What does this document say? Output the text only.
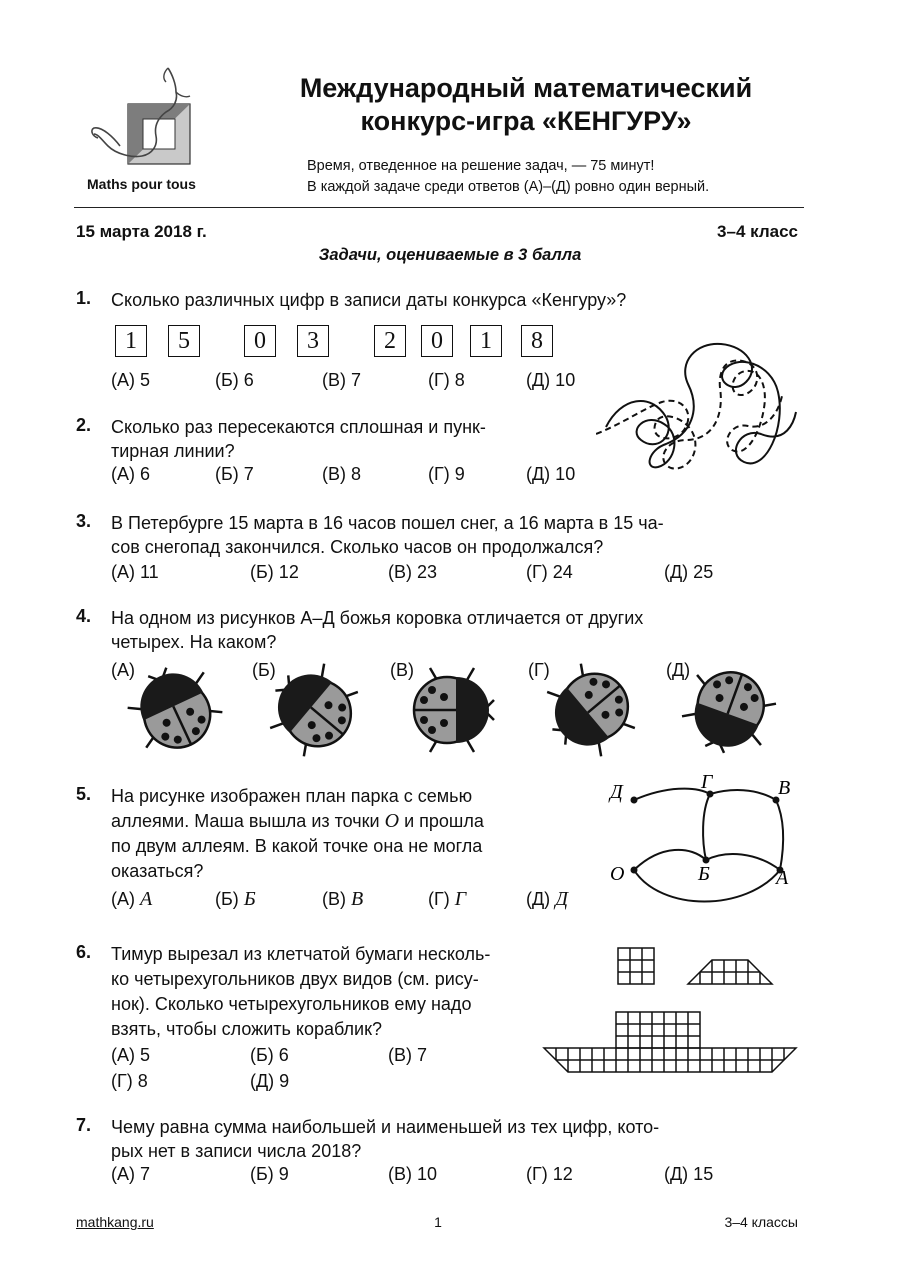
Maths pour tous
Международный математический
конкурс-игра «КЕНГУРУ»
Время, отведенное на решение задач, — 75 минут!
В каждой задаче среди ответов (А)–(Д) ровно один верный.
15 марта 2018 г.	3–4 класс
Задачи, оцениваемые в 3 балла
1. Сколько различных цифр в записи даты конкурса «Кенгуру»?
1	5	0	3	2	0	1	8
(А) 5	(Б) 6	(В) 7	(Г) 8	(Д) 10
2. Сколько раз пересекаются сплошная и пунк-
тирная линии?
(А) 6	(Б) 7	(В) 8	(Г) 9	(Д) 10
3. В Петербурге 15 марта в 16 часов пошел снег, а 16 марта в 15 ча-
сов снегопад закончился. Сколько часов он продолжался?
(А) 11	(Б) 12	(В) 23	(Г) 24	(Д) 25
4. На одном из рисунков А–Д божья коровка отличается от других
четырех. На каком?
(А)	(Б)	(В)	(Г)	(Д)
5. На рисунке изображен план парка с семью
аллеями. Маша вышла из точки О и прошла
по двум аллеям. В какой точке она не могла
оказаться?
(А) А	(Б) Б	(В) В	(Г) Г	(Д) Д
Д	Г	В
О	Б	А
6. Тимур вырезал из клетчатой бумаги несколь-
ко четырехугольников двух видов (см. рису-
нок). Сколько четырехугольников ему надо
взять, чтобы сложить кораблик?
(А) 5	(Б) 6	(В) 7
(Г) 8	(Д) 9
7. Чему равна сумма наибольшей и наименьшей из тех цифр, кото-
рых нет в записи числа 2018?
(А) 7	(Б) 9	(В) 10	(Г) 12	(Д) 15
mathkang.ru	1	3–4 классы
